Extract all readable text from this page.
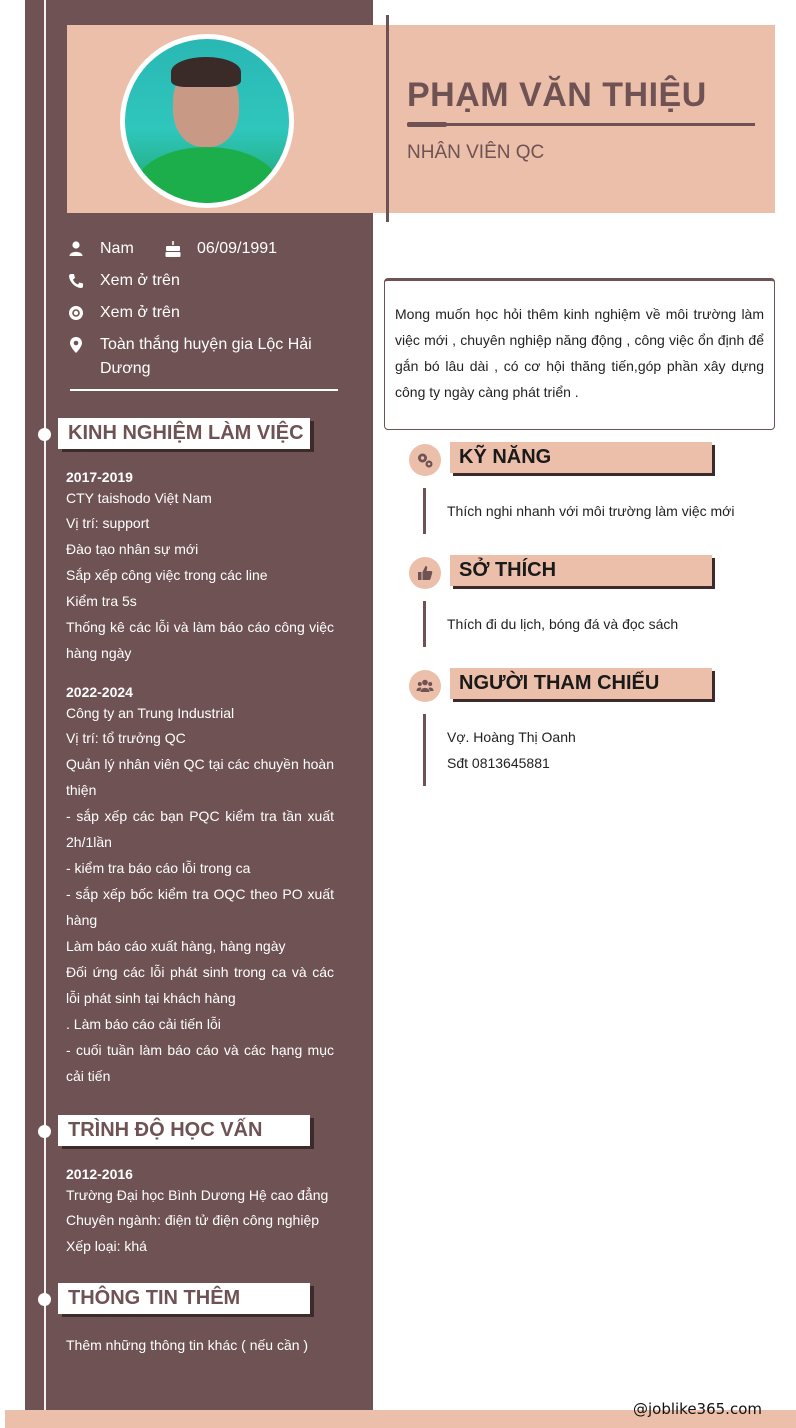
PHẠM VĂN THIỆU
NHÂN VIÊN QC
Nam	06/09/1991
Xem ở trên
Xem ở trên
Toàn thắng huyện gia Lộc Hải Dương
KINH NGHIỆM LÀM VIỆC
2017-2019
CTY taishodo Việt Nam
Vị trí: support
Đào tạo nhân sự mới
Sắp xếp công việc trong các line
Kiểm tra 5s
Thống kê các lỗi và làm báo cáo công việc hàng ngày
2022-2024
Công ty an Trung Industrial
Vị trí: tổ trưởng QC
Quản lý nhân viên QC tại các chuyền hoàn thiện
- sắp xếp các bạn PQC kiểm tra tần xuất 2h/1lần
- kiểm tra báo cáo lỗi trong ca
- sắp xếp bốc kiểm tra OQC theo PO xuất hàng
Làm báo cáo xuất hàng, hàng ngày
Đối ứng các lỗi phát sinh trong ca và các lỗi phát sinh tại khách hàng
. Làm báo cáo cải tiến lỗi
- cuối tuần làm báo cáo và các hạng mục cải tiến
TRÌNH ĐỘ HỌC VẤN
2012-2016
Trường Đại học Bình Dương Hệ cao đẳng
Chuyên ngành: điện tử điện công nghiệp
Xếp loại: khá
THÔNG TIN THÊM
Thêm những thông tin khác ( nếu cần )
Mong muốn học hỏi thêm kinh nghiệm về môi trường làm việc mới , chuyên nghiệp năng động , công việc ổn định để gắn bó lâu dài , có cơ hội thăng tiến,góp phần xây dựng công ty ngày càng phát triển .
KỸ NĂNG
Thích nghi nhanh với môi trường làm việc mới
SỞ THÍCH
Thích đi du lịch, bóng đá và đọc sách
NGƯỜI THAM CHIẾU
Vợ. Hoàng Thị Oanh
Sđt 0813645881
@joblike365.com
